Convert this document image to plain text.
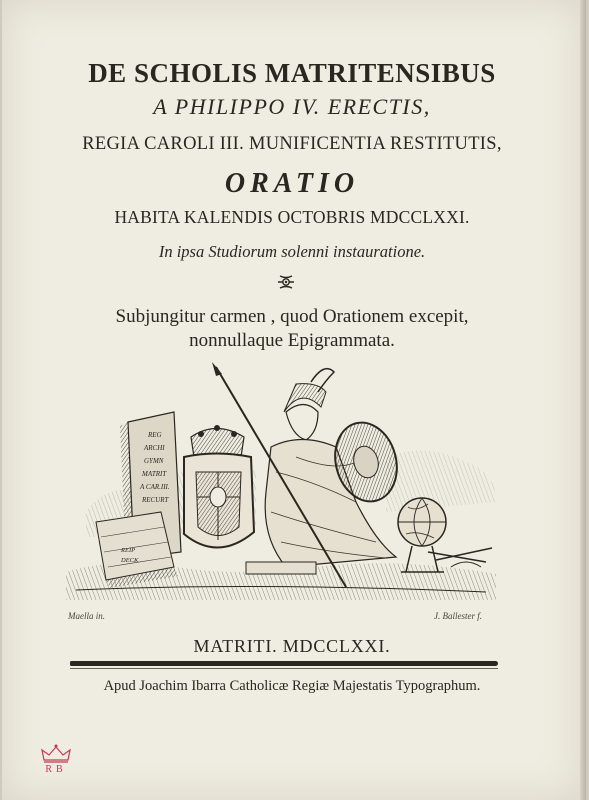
DE SCHOLIS MATRITENSIBUS
A PHILIPPO IV. ERECTIS,
REGIA CAROLI III. MUNIFICENTIA RESTITUTIS,
ORATIO
HABITA KALENDIS OCTOBRIS MDCCLXXI.
In ipsa Studiorum solenni instauratione.
Subjungitur carmen , quod Orationem excepit,
nonnullaque Epigrammata.
REG
ARCHI
GYMN
MATRIT
A CAR.III.
RECURT
REIP
DECK
Maella in.	J. Ballester f.
MATRITI. MDCCLXXI.
Apud Joachim Ibarra Catholicæ Regiæ Majestatis Typographum.
RB
